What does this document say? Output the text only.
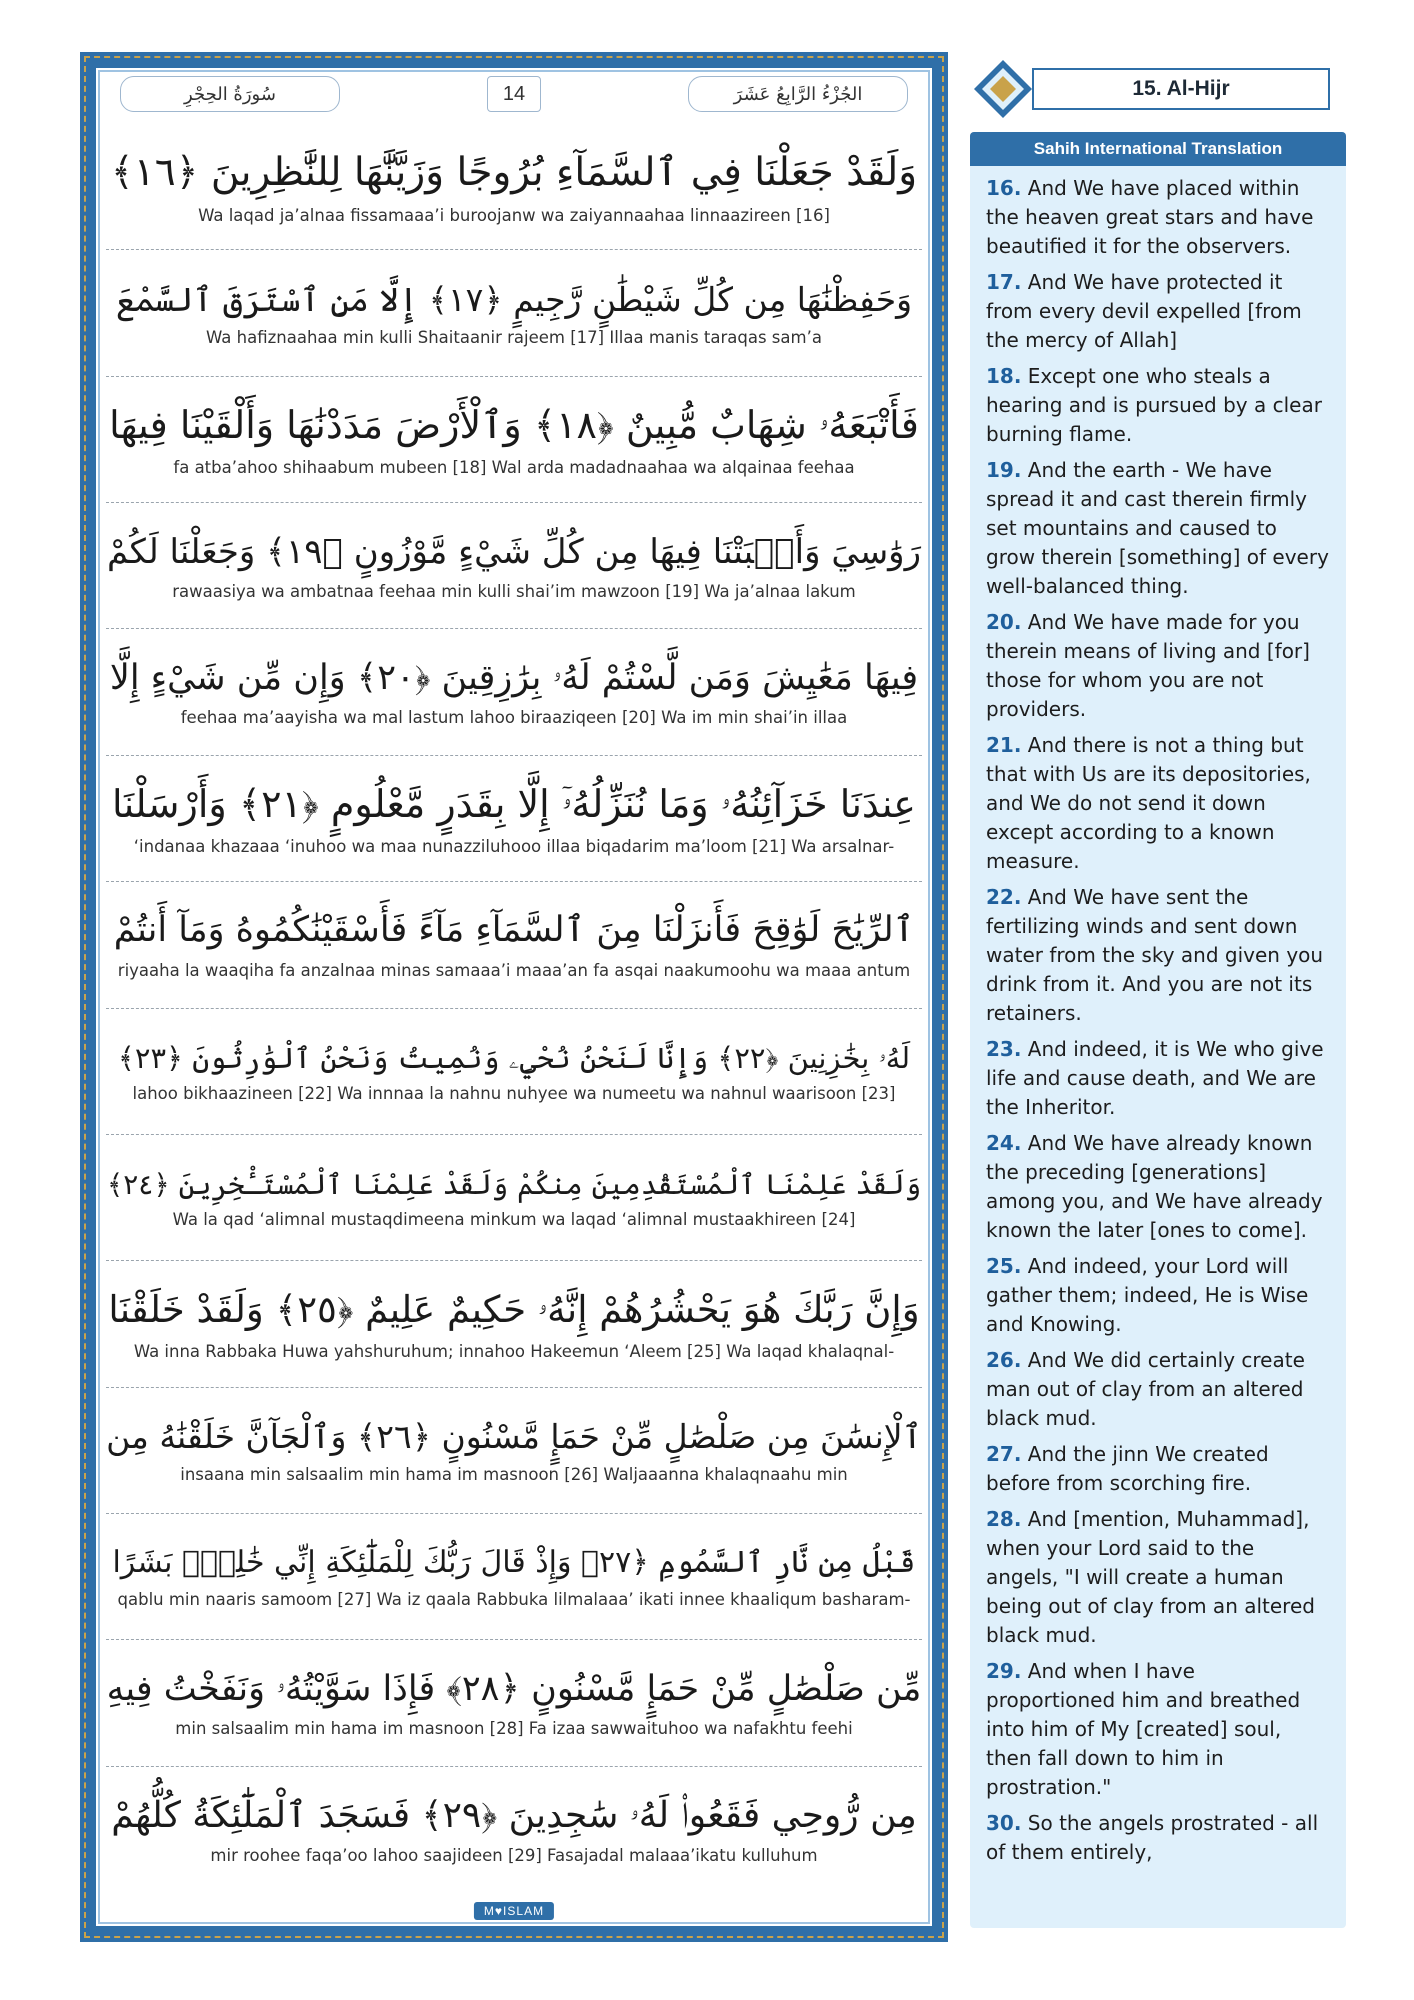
سُورَةُ الحِجْرِ	14	الجُزْءُ الرَّابِعُ عَشَرَ
وَلَقَدْ جَعَلْنَا فِي ٱلسَّمَآءِ بُرُوجًا وَزَيَّنَّٰهَا لِلنَّٰظِرِينَ ﴿١٦﴾
Wa laqad ja’alnaa fissamaaa’i buroojanw wa zaiyannaahaa linnaazireen [16]
وَحَفِظْنَٰهَا مِن كُلِّ شَيْطَٰنٍ رَّجِيمٍ ﴿١٧﴾ إِلَّا مَنِ ٱسْتَرَقَ ٱلسَّمْعَ
Wa hafiznaahaa min kulli Shaitaanir rajeem [17] Illaa manis taraqas sam’a
فَأَتْبَعَهُۥ شِهَابٌ مُّبِينٌ ﴿١٨﴾ وَٱلْأَرْضَ مَدَدْنَٰهَا وَأَلْقَيْنَا فِيهَا
fa atba’ahoo shihaabum mubeen [18] Wal arda madadnaahaa wa alqainaa feehaa
رَوَٰسِيَ وَأَنۢبَتْنَا فِيهَا مِن كُلِّ شَيْءٍ مَّوْزُونٍ ﴿١٩﴾ وَجَعَلْنَا لَكُمْ
rawaasiya wa ambatnaa feehaa min kulli shai’im mawzoon [19] Wa ja’alnaa lakum
فِيهَا مَعَٰيِشَ وَمَن لَّسْتُمْ لَهُۥ بِرَٰزِقِينَ ﴿٢٠﴾ وَإِن مِّن شَيْءٍ إِلَّا
feehaa ma’aayisha wa mal lastum lahoo biraaziqeen [20] Wa im min shai’in illaa
عِندَنَا خَزَآئِنُهُۥ وَمَا نُنَزِّلُهُۥٓ إِلَّا بِقَدَرٍ مَّعْلُومٍ ﴿٢١﴾ وَأَرْسَلْنَا
‘indanaa khazaaa ‘inuhoo wa maa nunazziluhooo illaa biqadarim ma’loom [21] Wa arsalnar-
ٱلرِّيَٰحَ لَوَٰقِحَ فَأَنزَلْنَا مِنَ ٱلسَّمَآءِ مَآءً فَأَسْقَيْنَٰكُمُوهُ وَمَآ أَنتُمْ
riyaaha la waaqiha fa anzalnaa minas samaaa’i maaa’an fa asqai naakumoohu wa maaa antum
لَهُۥ بِخَٰزِنِينَ ﴿٢٢﴾ وَإِنَّا لَنَحْنُ نُحْيِۦ وَنُمِيتُ وَنَحْنُ ٱلْوَٰرِثُونَ ﴿٢٣﴾
lahoo bikhaazineen [22] Wa innnaa la nahnu nuhyee wa numeetu wa nahnul waarisoon [23]
وَلَقَدْ عَلِمْنَا ٱلْمُسْتَقْدِمِينَ مِنكُمْ وَلَقَدْ عَلِمْنَا ٱلْمُسْتَـْٔخِرِينَ ﴿٢٤﴾
Wa la qad ‘alimnal mustaqdimeena minkum wa laqad ‘alimnal mustaakhireen [24]
وَإِنَّ رَبَّكَ هُوَ يَحْشُرُهُمْ إِنَّهُۥ حَكِيمٌ عَلِيمٌ ﴿٢٥﴾ وَلَقَدْ خَلَقْنَا
Wa inna Rabbaka Huwa yahshuruhum; innahoo Hakeemun ‘Aleem [25] Wa laqad khalaqnal-
ٱلْإِنسَٰنَ مِن صَلْصَٰلٍ مِّنْ حَمَإٍ مَّسْنُونٍ ﴿٢٦﴾ وَٱلْجَآنَّ خَلَقْنَٰهُ مِن
insaana min salsaalim min hama im masnoon [26] Waljaaanna khalaqnaahu min
قَبْلُ مِن نَّارِ ٱلسَّمُومِ ﴿٢٧﴾ وَإِذْ قَالَ رَبُّكَ لِلْمَلَٰٓئِكَةِ إِنِّي خَٰلِقٌۢ بَشَرًا
qablu min naaris samoom [27] Wa iz qaala Rabbuka lilmalaaa’ ikati innee khaaliqum basharam-
مِّن صَلْصَٰلٍ مِّنْ حَمَإٍ مَّسْنُونٍ ﴿٢٨﴾ فَإِذَا سَوَّيْتُهُۥ وَنَفَخْتُ فِيهِ
min salsaalim min hama im masnoon [28] Fa izaa sawwaituhoo wa nafakhtu feehi
مِن رُّوحِي فَقَعُوا۟ لَهُۥ سَٰجِدِينَ ﴿٢٩﴾ فَسَجَدَ ٱلْمَلَٰٓئِكَةُ كُلُّهُمْ
mir roohee faqa’oo lahoo saajideen [29] Fasajadal malaaa’ikatu kulluhum
M♥ISLAM
15. Al-Hijr
Sahih International Translation
16. And We have placed within the heaven great stars and have beautified it for the observers.
17. And We have protected it from every devil expelled [from the mercy of Allah]
18. Except one who steals a hearing and is pursued by a clear burning flame.
19. And the earth - We have spread it and cast therein firmly set mountains and caused to grow therein [something] of every well-balanced thing.
20. And We have made for you therein means of living and [for] those for whom you are not providers.
21. And there is not a thing but that with Us are its depositories, and We do not send it down except according to a known measure.
22. And We have sent the fertilizing winds and sent down water from the sky and given you drink from it. And you are not its retainers.
23. And indeed, it is We who give life and cause death, and We are the Inheritor.
24. And We have already known the preceding [generations] among you, and We have already known the later [ones to come].
25. And indeed, your Lord will gather them; indeed, He is Wise and Knowing.
26. And We did certainly create man out of clay from an altered black mud.
27. And the jinn We created before from scorching fire.
28. And [mention, Muhammad], when your Lord said to the angels, "I will create a human being out of clay from an altered black mud.
29. And when I have proportioned him and breathed into him of My [created] soul, then fall down to him in prostration."
30. So the angels prostrated - all of them entirely,
